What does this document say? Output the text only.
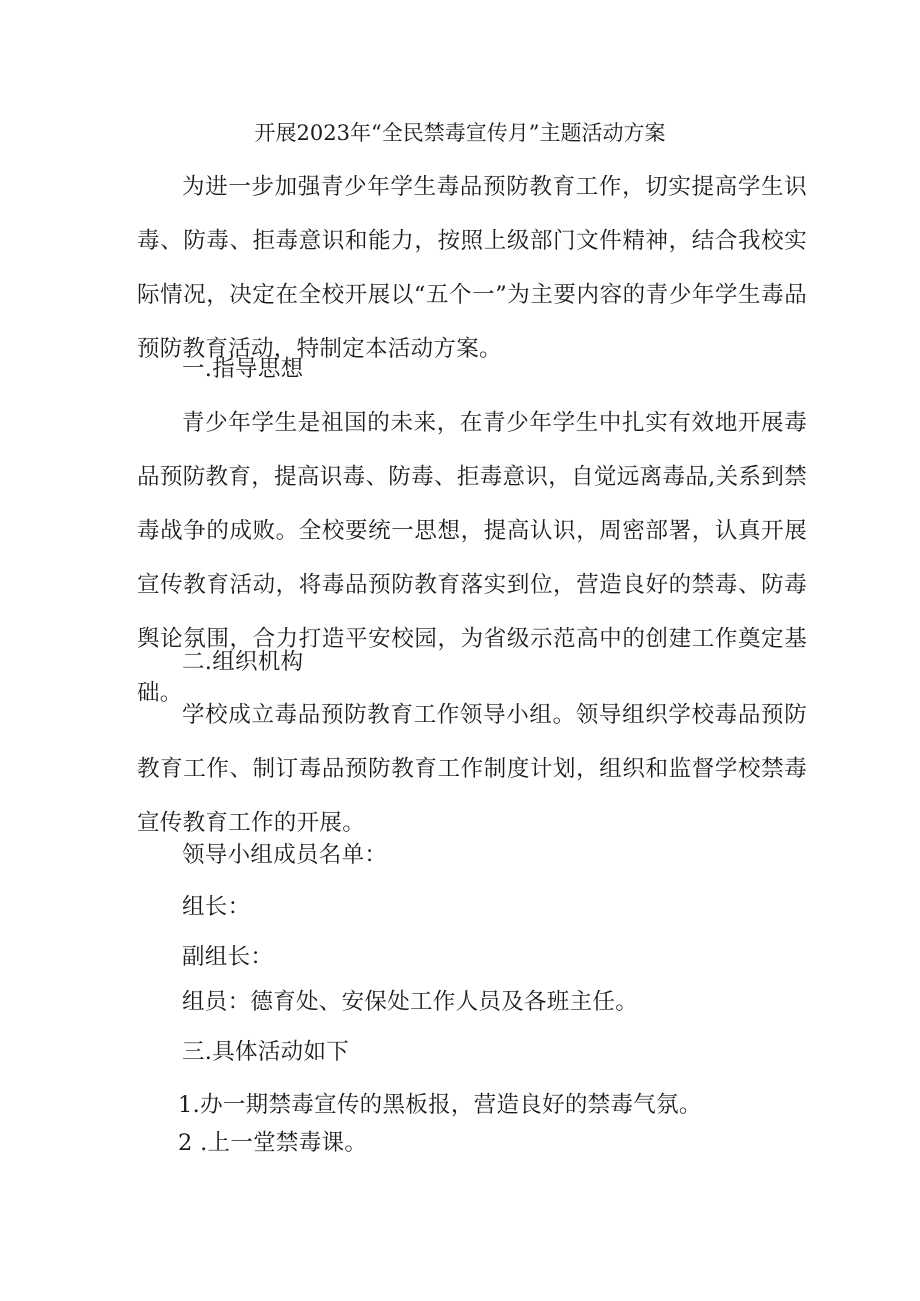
开展2023年“全民禁毒宣传月”主题活动方案

为进一步加强青少年学生毒品预防教育工作，切实提高学生识毒、防毒、拒毒意识和能力，按照上级部门文件精神，结合我校实际情况，决定在全校开展以“五个一”为主要内容的青少年学生毒品预防教育活动，特制定本活动方案。

一.指导思想

青少年学生是祖国的未来，在青少年学生中扎实有效地开展毒品预防教育，提高识毒、防毒、拒毒意识，自觉远离毒品,关系到禁毒战争的成败。全校要统一思想，提高认识，周密部署，认真开展宣传教育活动，将毒品预防教育落实到位，营造良好的禁毒、防毒舆论氛围，合力打造平安校园，为省级示范高中的创建工作奠定基础。

二.组织机构

学校成立毒品预防教育工作领导小组。领导组织学校毒品预防教育工作、制订毒品预防教育工作制度计划，组织和监督学校禁毒宣传教育工作的开展。

领导小组成员名单：
组长：
副组长：
组员：德育处、安保处工作人员及各班主任。
三.具体活动如下
1.办一期禁毒宣传的黑板报，营造良好的禁毒气氛。
2 .上一堂禁毒课。
